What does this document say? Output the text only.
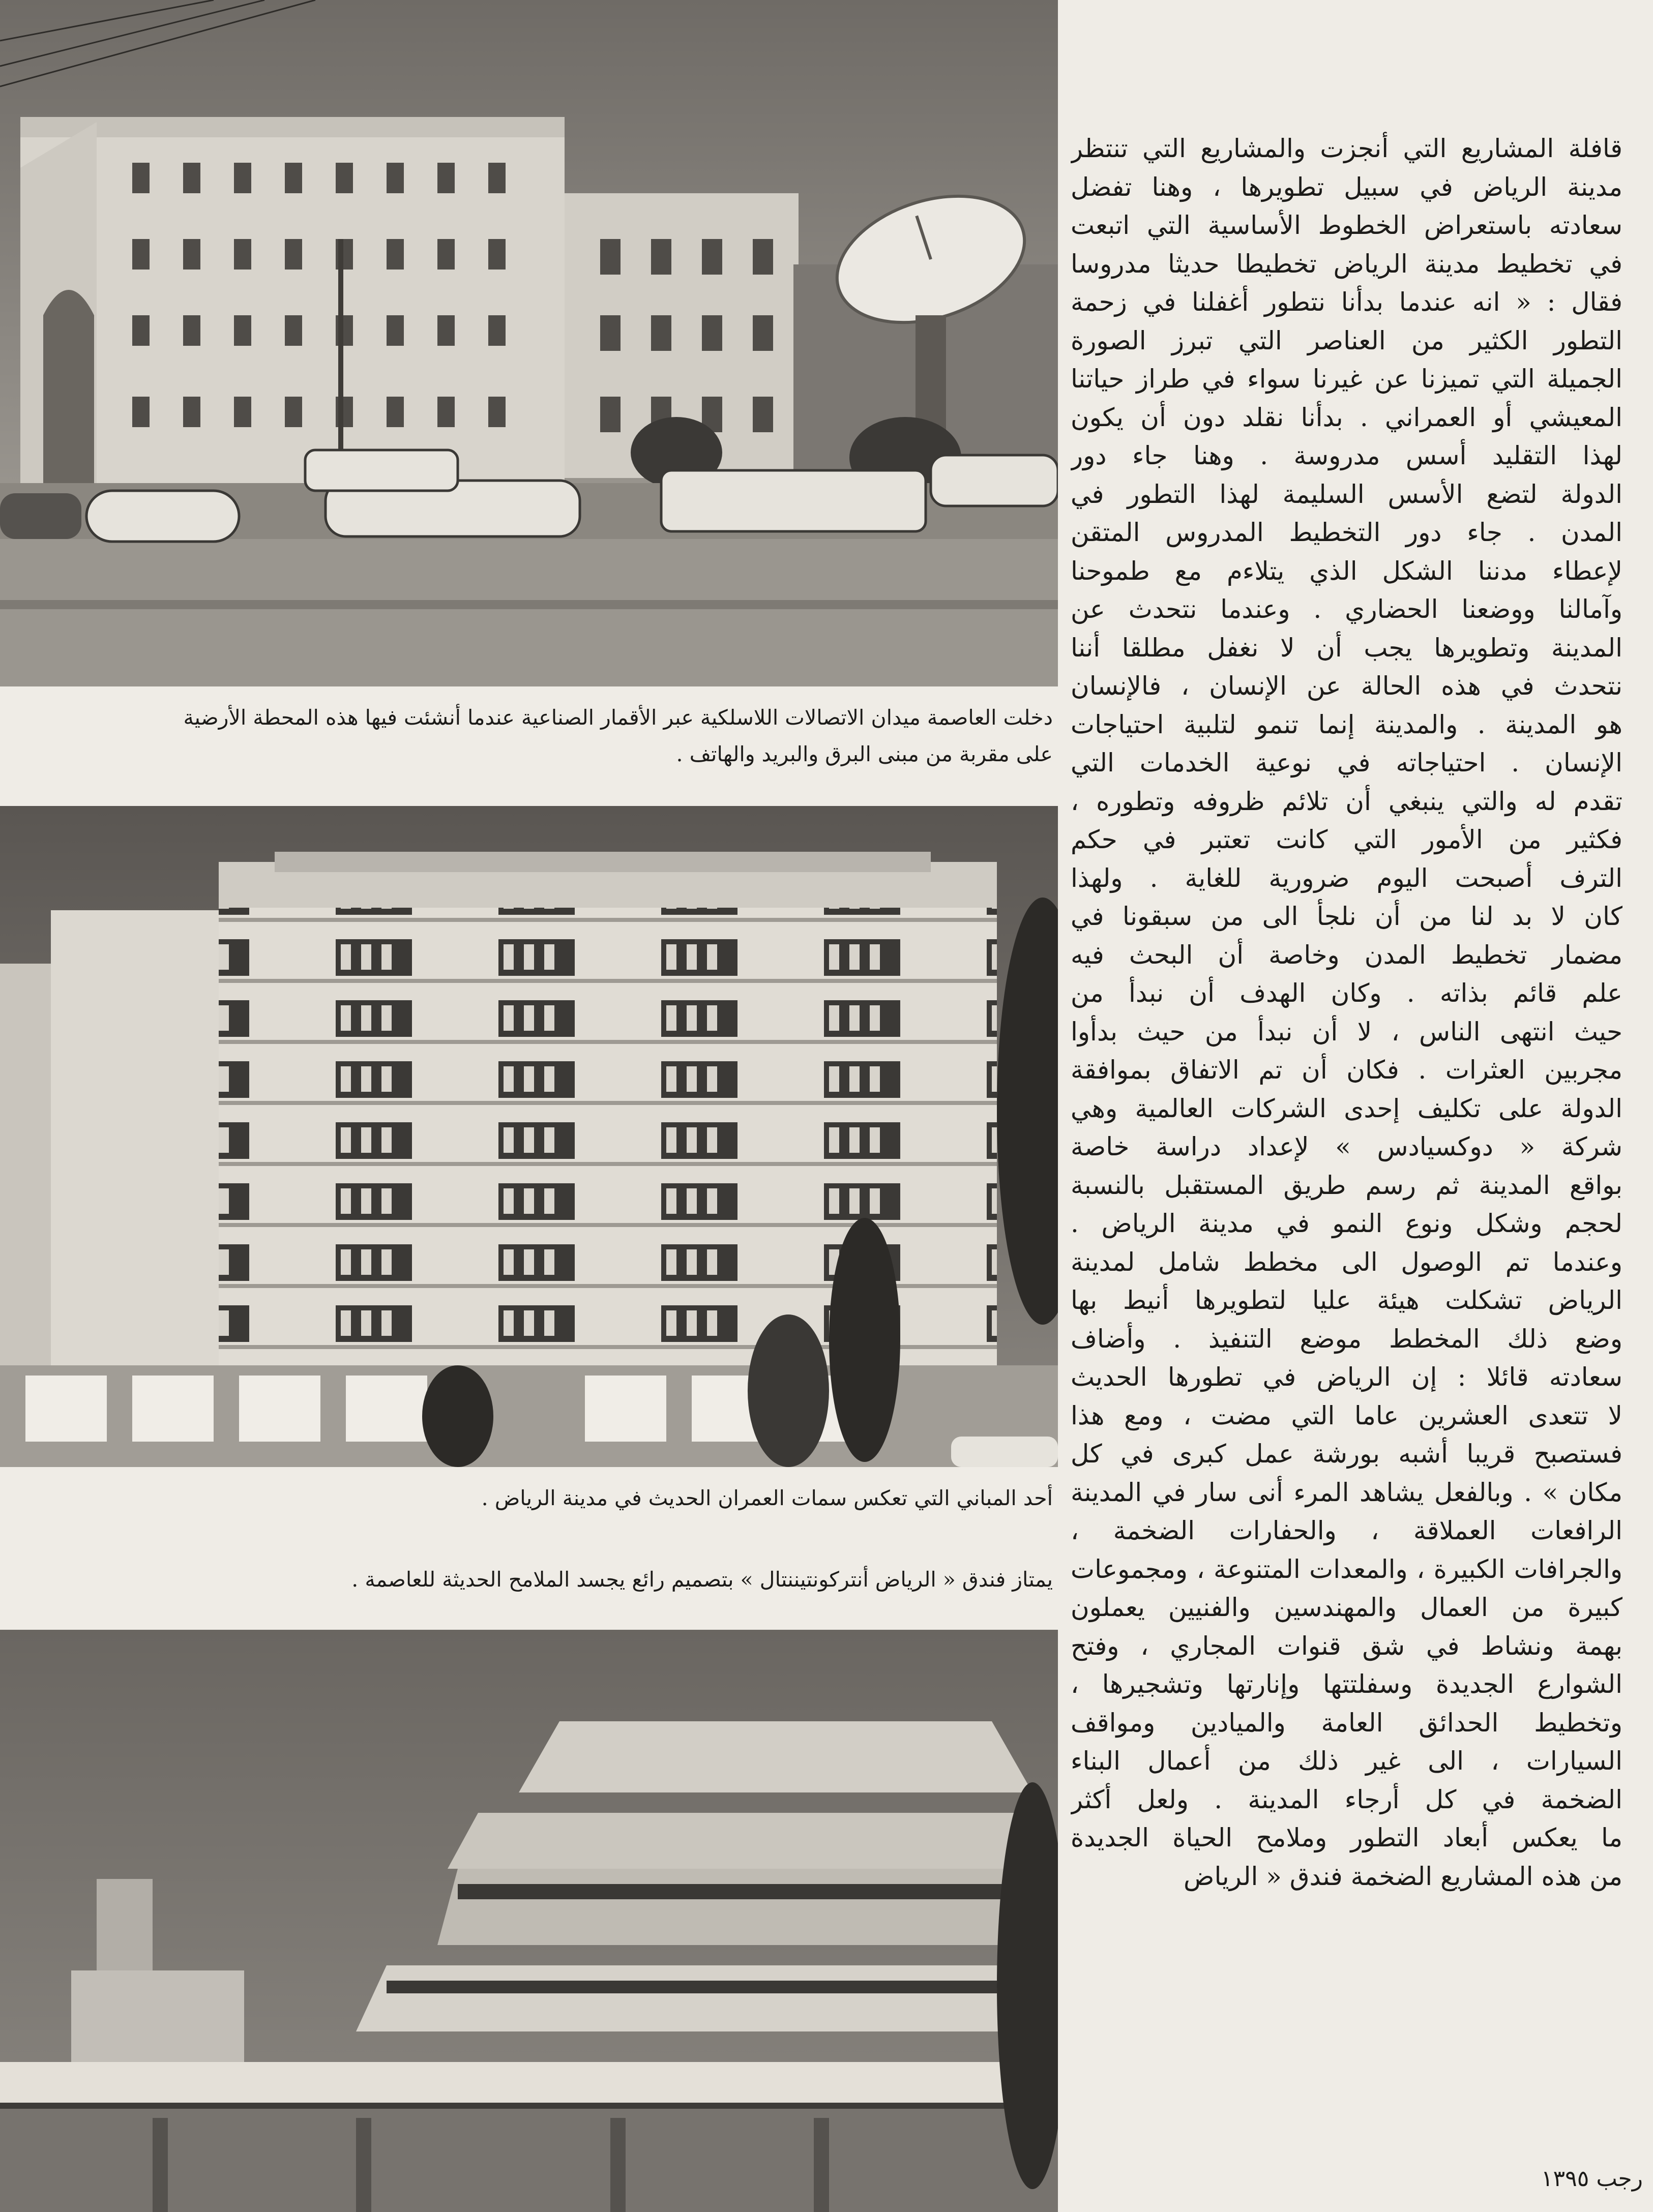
دخلت العاصمة ميدان الاتصالات اللاسلكية عبر الأقمار الصناعية عندما أنشئت فيها هذه المحطة الأرضية
على مقربة من مبنى البرق والبريد والهاتف .
أحد المباني التي تعكس سمات العمران الحديث في مدينة الرياض .
يمتاز فندق « الرياض أنتركونتيننتال » بتصميم رائع يجسد الملامح الحديثة للعاصمة .
قافلة المشاريع التي أنجزت والمشاريع التي تنتظر
مدينة الرياض في سبيل تطويرها ، وهنا تفضل
سعادته باستعراض الخطوط الأساسية التي اتبعت
في تخطيط مدينة الرياض تخطيطا حديثا مدروسا
فقال : « انه عندما بدأنا نتطور أغفلنا في زحمة
التطور الكثير من العناصر التي تبرز الصورة
الجميلة التي تميزنا عن غيرنا سواء في طراز حياتنا
المعيشي أو العمراني . بدأنا نقلد دون أن يكون
لهذا التقليد أسس مدروسة . وهنا جاء دور
الدولة لتضع الأسس السليمة لهذا التطور في
المدن . جاء دور التخطيط المدروس المتقن
لإعطاء مدننا الشكل الذي يتلاءم مع طموحنا
وآمالنا ووضعنا الحضاري . وعندما نتحدث عن
المدينة وتطويرها يجب أن لا نغفل مطلقا أننا
نتحدث في هذه الحالة عن الإنسان ، فالإنسان
هو المدينة . والمدينة إنما تنمو لتلبية احتياجات
الإنسان . احتياجاته في نوعية الخدمات التي
تقدم له والتي ينبغي أن تلائم ظروفه وتطوره ،
فكثير من الأمور التي كانت تعتبر في حكم
الترف أصبحت اليوم ضرورية للغاية . ولهذا
كان لا بد لنا من أن نلجأ الى من سبقونا في
مضمار تخطيط المدن وخاصة أن البحث فيه
علم قائم بذاته . وكان الهدف أن نبدأ من
حيث انتهى الناس ، لا أن نبدأ من حيث بدأوا
مجربين العثرات . فكان أن تم الاتفاق بموافقة
الدولة على تكليف إحدى الشركات العالمية وهي
شركة « دوكسيادس » لإعداد دراسة خاصة
بواقع المدينة ثم رسم طريق المستقبل بالنسبة
لحجم وشكل ونوع النمو في مدينة الرياض .
وعندما تم الوصول الى مخطط شامل لمدينة
الرياض تشكلت هيئة عليا لتطويرها أنيط بها
وضع ذلك المخطط موضع التنفيذ . وأضاف
سعادته قائلا : إن الرياض في تطورها الحديث
لا تتعدى العشرين عاما التي مضت ، ومع هذا
فستصبح قريبا أشبه بورشة عمل كبرى في كل
مكان » . وبالفعل يشاهد المرء أنى سار في المدينة
الرافعات العملاقة ، والحفارات الضخمة ،
والجرافات الكبيرة ، والمعدات المتنوعة ، ومجموعات
كبيرة من العمال والمهندسين والفنيين يعملون
بهمة ونشاط في شق قنوات المجاري ، وفتح
الشوارع الجديدة وسفلتتها وإنارتها وتشجيرها ،
وتخطيط الحدائق العامة والميادين ومواقف
السيارات ، الى غير ذلك من أعمال البناء
الضخمة في كل أرجاء المدينة . ولعل أكثر
ما يعكس أبعاد التطور وملامح الحياة الجديدة
من هذه المشاريع الضخمة فندق « الرياض
رجب ١٣٩٥
